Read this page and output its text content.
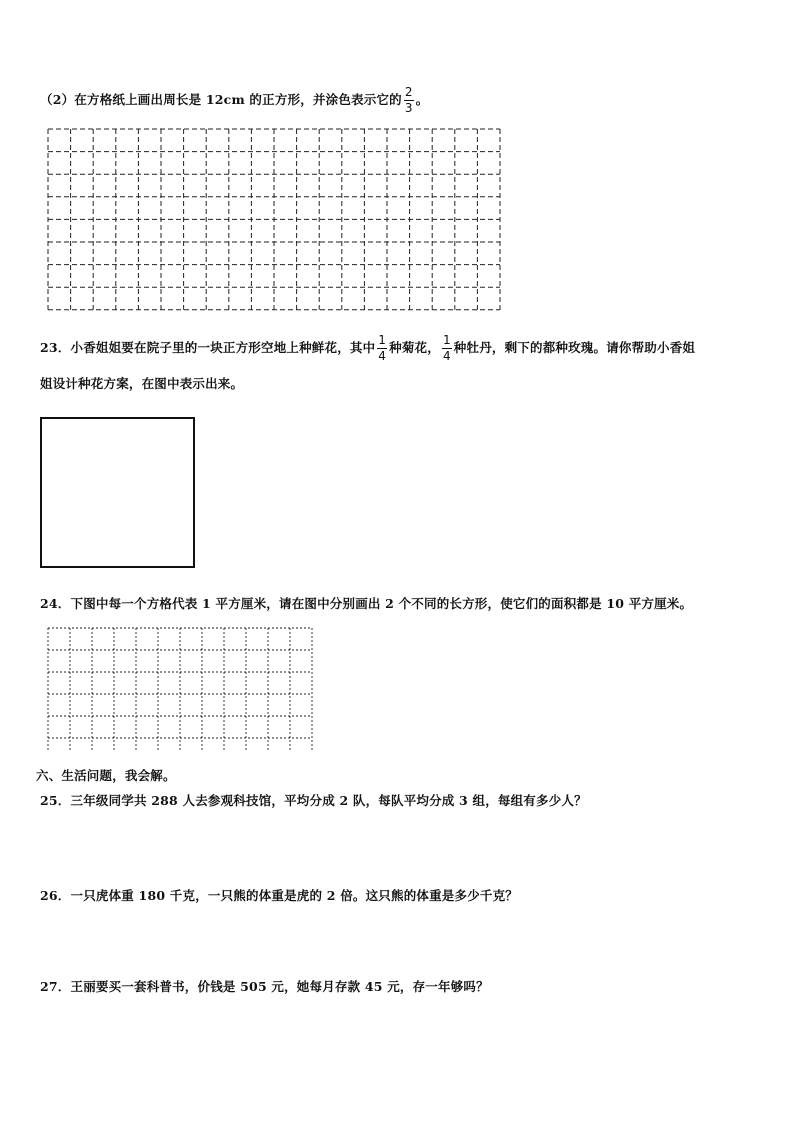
（2）在方格纸上画出周长是 12cm 的正方形，并涂色表示它的 $\frac{2}{3}$ 。
23．小香姐姐要在院子里的一块正方形空地上种鲜花，其中 $\frac{1}{4}$ 种菊花， $\frac{1}{4}$ 种牡丹，剩下的都种玫瑰。请你帮助小香姐
姐设计种花方案，在图中表示出来。
24．下图中每一个方格代表 1 平方厘米，请在图中分别画出 2 个不同的长方形，使它们的面积都是 10 平方厘米。
六、生活问题，我会解。
25．三年级同学共 288 人去参观科技馆，平均分成 2 队，每队平均分成 3 组，每组有多少人？
26．一只虎体重 180 千克，一只熊的体重是虎的 2 倍。这只熊的体重是多少千克？
27．王丽要买一套科普书，价钱是 505 元，她每月存款 45 元，存一年够吗？
